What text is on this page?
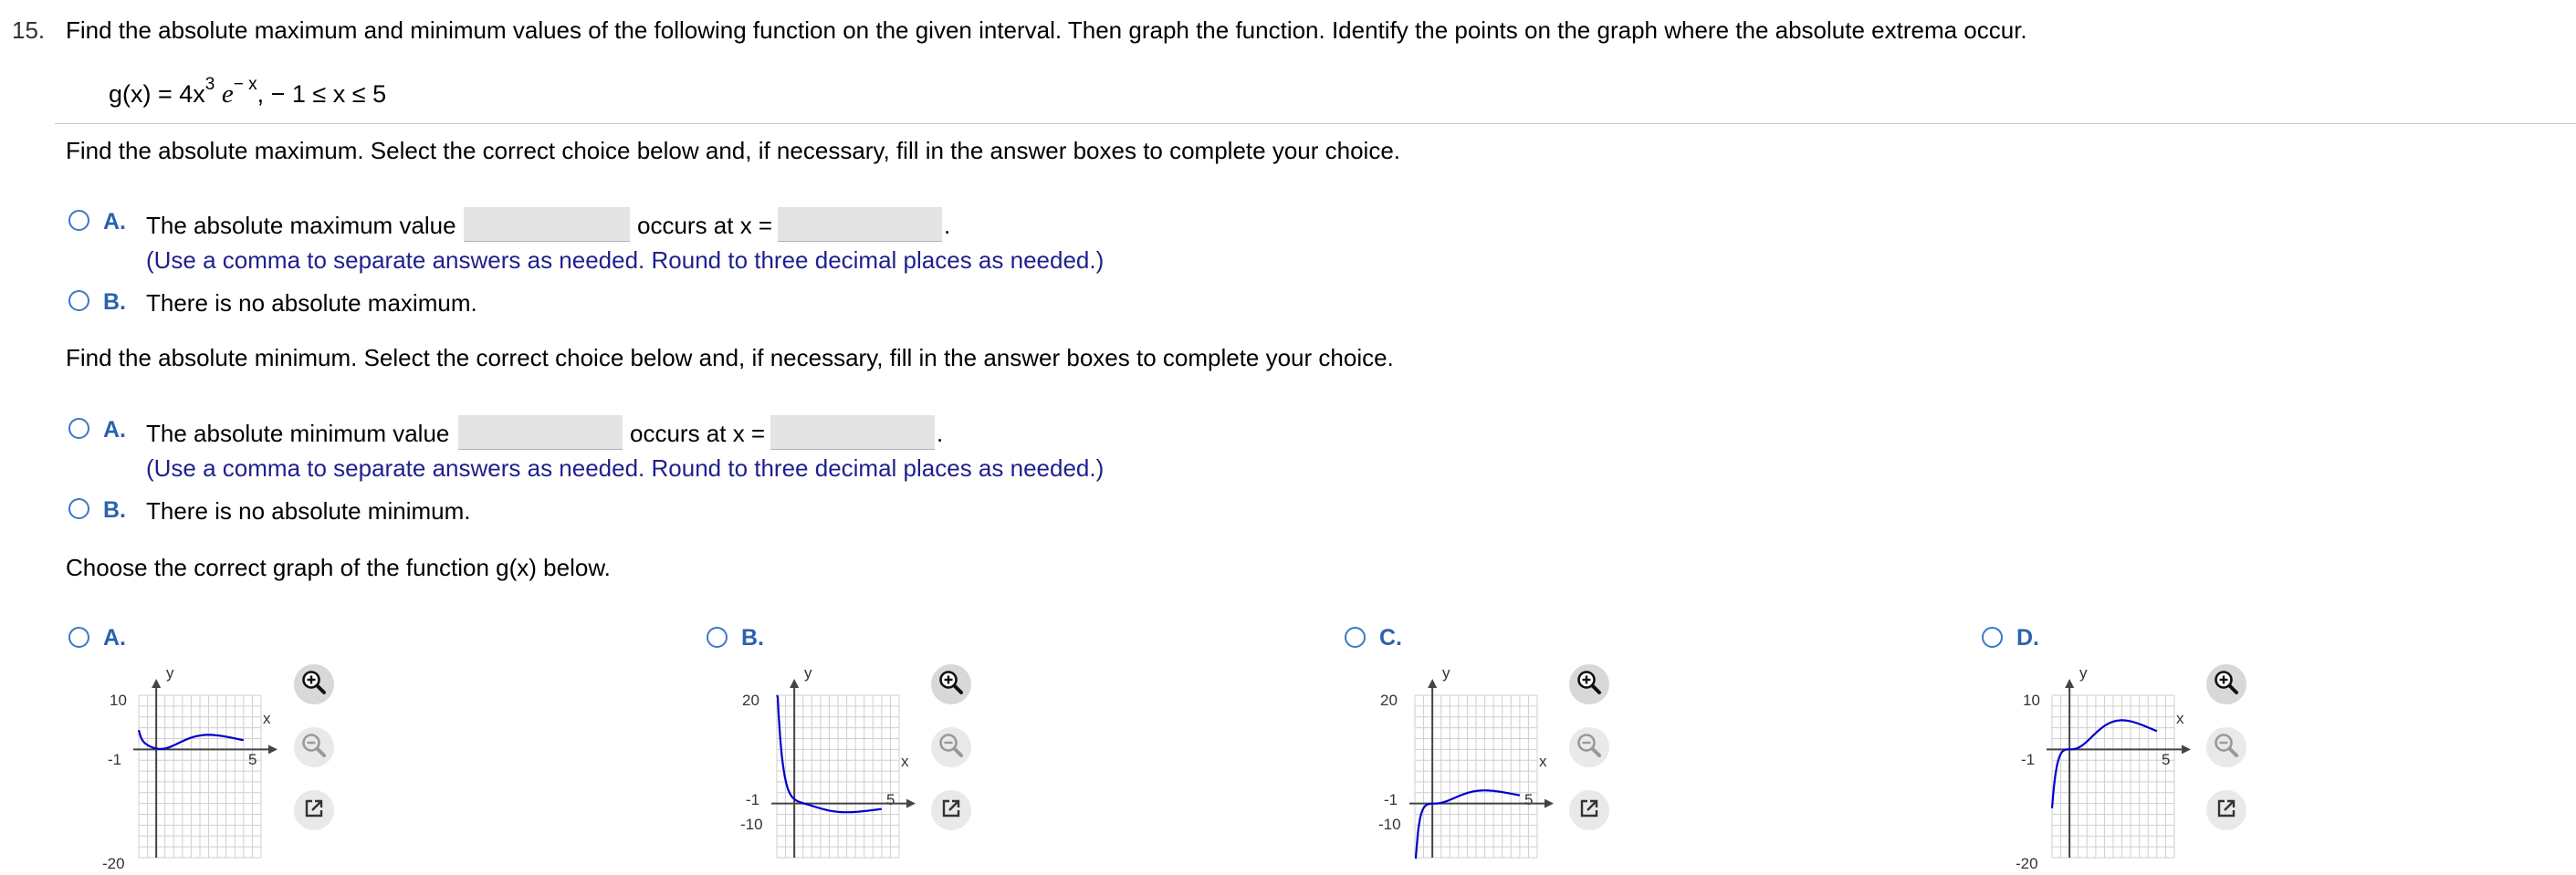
15. Find the absolute maximum and minimum values of the following function on the given interval. Then graph the function. Identify the points on the graph where the absolute extrema occur.
$g(x) = 4x^3$ $e^{- x}$, − 1 ≤ x ≤ 5
Find the absolute maximum. Select the correct choice below and, if necessary, fill in the answer boxes to complete your choice.
A. The absolute maximum value	occurs at x =	.
(Use a comma to separate answers as needed. Round to three decimal places as needed.)
B. There is no absolute maximum.
Find the absolute minimum. Select the correct choice below and, if necessary, fill in the answer boxes to complete your choice.
A. The absolute minimum value	occurs at x =	.
(Use a comma to separate answers as needed. Round to three decimal places as needed.)
B. There is no absolute minimum.
Choose the correct graph of the function g(x) below.
A.
y
10
-1	5
x
-20
B.
y
20
-1	5
x
-10
C.
y
20
-1	5
x
-10
D.
y
10
-1	5
x
-20
